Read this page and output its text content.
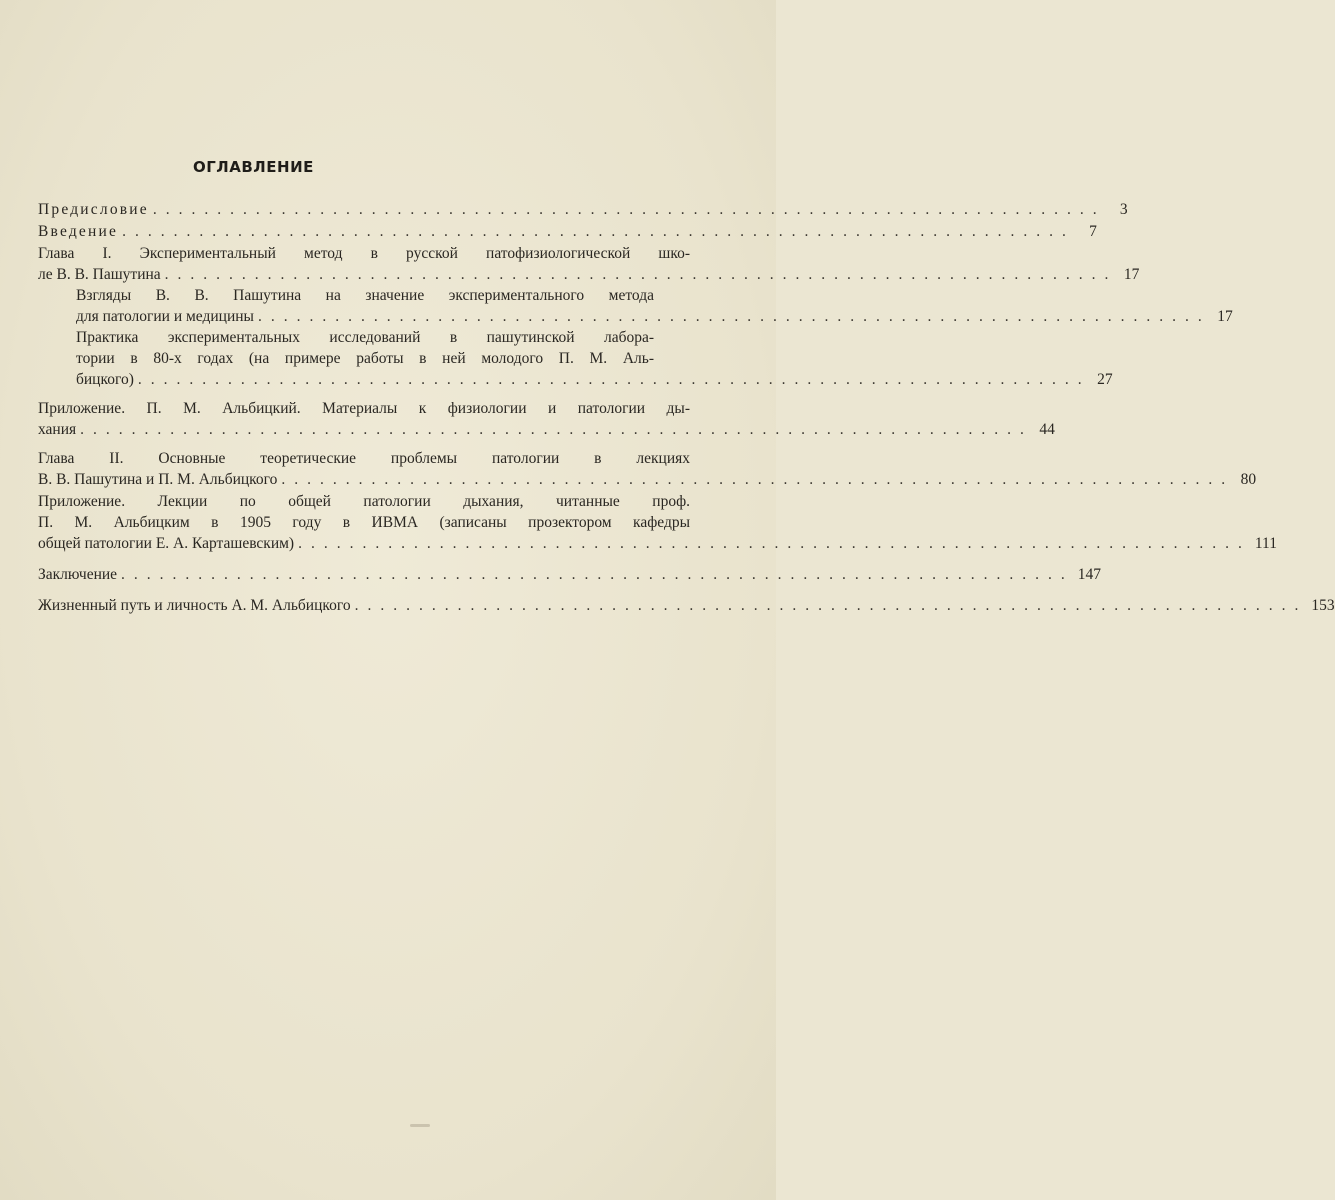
ОГЛАВЛЕНИЕ
Предисловие .......................................................................... 3
Введение .......................................................................... 7
Глава I. Экспериментальный метод в русской патофизиологической шко-
ле В. В. Пашутина .......................................................................... 17
Взгляды В. В. Пашутина на значение экспериментального метода
для патологии и медицины .......................................................................... 17
Практика экспериментальных исследований в пашутинской лабора-
тории в 80-х годах (на примере работы в ней молодого П. М. Аль-
бицкого) .......................................................................... 27
Приложение. П. М. Альбицкий. Материалы к физиологии и патологии ды-
хания .......................................................................... 44
Глава II. Основные теоретические проблемы патологии в лекциях
В. В. Пашутина и П. М. Альбицкого .......................................................................... 80
Приложение. Лекции по общей патологии дыхания, читанные проф.
П. М. Альбицким в 1905 году в ИВМА (записаны прозектором кафедры
общей патологии Е. А. Карташевским) .......................................................................... 111
Заключение .......................................................................... 147
Жизненный путь и личность А. М. Альбицкого .......................................................................... 153
